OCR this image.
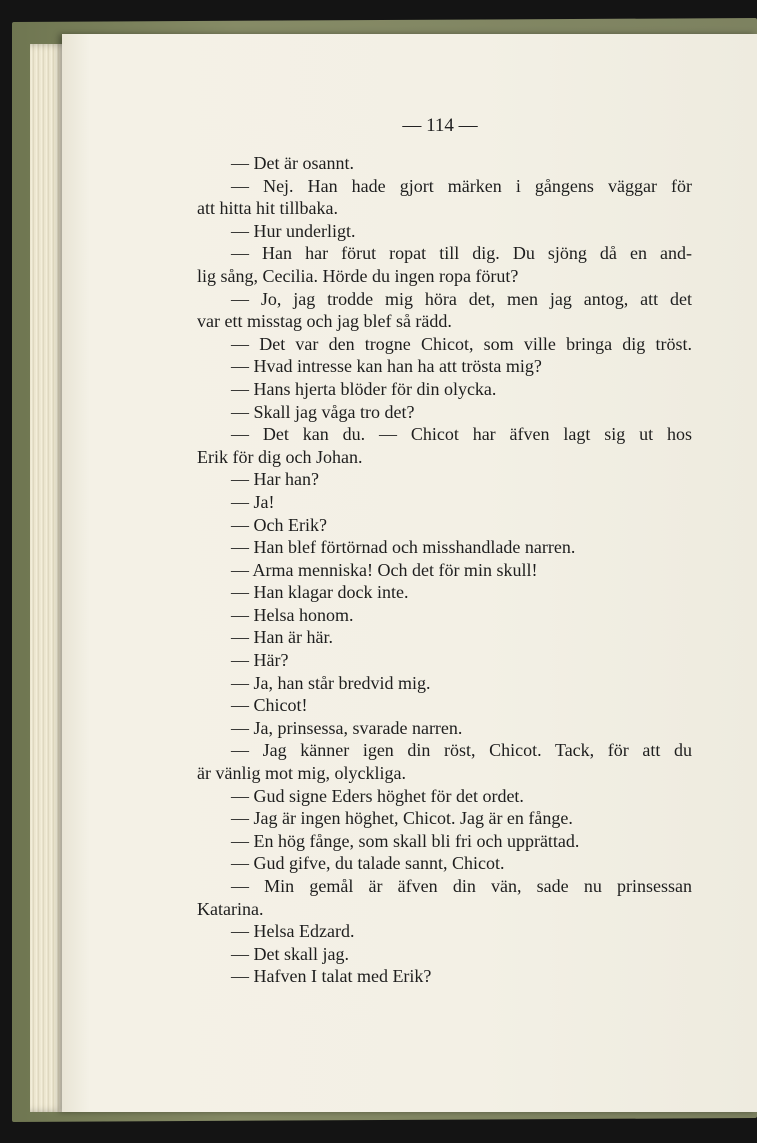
— 114 —
— Det är osannt.
— Nej. Han hade gjort märken i gångens väggar för
att hitta hit tillbaka.
— Hur underligt.
— Han har förut ropat till dig. Du sjöng då en and-
lig sång, Cecilia. Hörde du ingen ropa förut?
— Jo, jag trodde mig höra det, men jag antog, att det
var ett misstag och jag blef så rädd.
— Det var den trogne Chicot, som ville bringa dig tröst.
— Hvad intresse kan han ha att trösta mig?
— Hans hjerta blöder för din olycka.
— Skall jag våga tro det?
— Det kan du. — Chicot har äfven lagt sig ut hos
Erik för dig och Johan.
— Har han?
— Ja!
— Och Erik?
— Han blef förtörnad och misshandlade narren.
— Arma menniska! Och det för min skull!
— Han klagar dock inte.
— Helsa honom.
— Han är här.
— Här?
— Ja, han står bredvid mig.
— Chicot!
— Ja, prinsessa, svarade narren.
— Jag känner igen din röst, Chicot. Tack, för att du
är vänlig mot mig, olyckliga.
— Gud signe Eders höghet för det ordet.
— Jag är ingen höghet, Chicot. Jag är en fånge.
— En hög fånge, som skall bli fri och upprättad.
— Gud gifve, du talade sannt, Chicot.
— Min gemål är äfven din vän, sade nu prinsessan
Katarina.
— Helsa Edzard.
— Det skall jag.
— Hafven I talat med Erik?
